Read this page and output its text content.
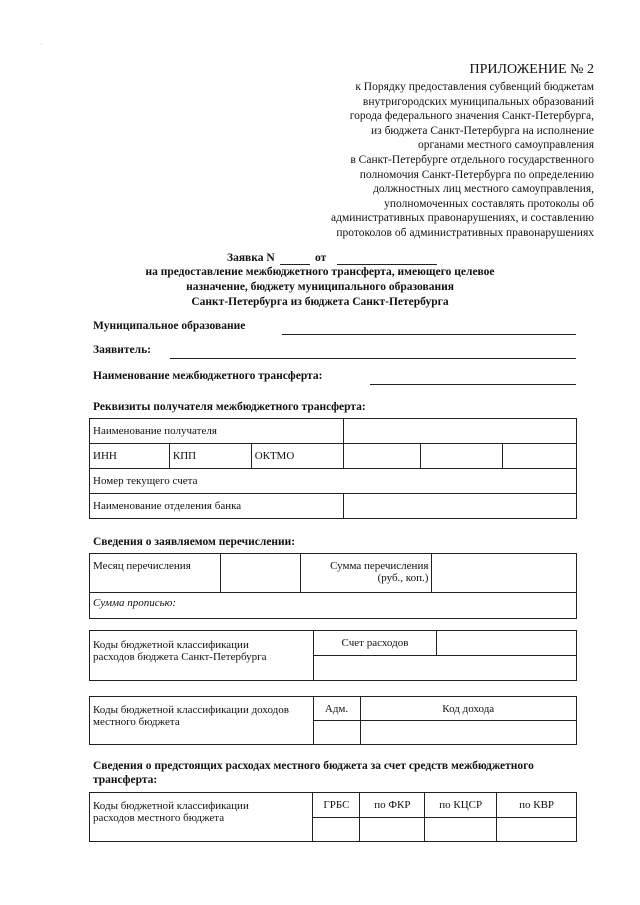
·
ПРИЛОЖЕНИЕ № 2
к Порядку предоставления субвенций бюджетам
внутригородских муниципальных образований
города федерального значения Санкт-Петербурга,
из бюджета Санкт-Петербурга на исполнение
органами местного самоуправления
в Санкт-Петербурге отдельного государственного
полномочия Санкт-Петербурга по определению
должностных лиц местного самоуправления,
уполномоченных составлять протоколы об
административных правонарушениях, и составлению
протоколов об административных правонарушениях
Заявка N	от
на предоставление межбюджетного трансферта, имеющего целевое
назначение, бюджету муниципального образования
Санкт-Петербурга из бюджета Санкт-Петербурга
Муниципальное образование
Заявитель:
Наименование межбюджетного трансферта:
Реквизиты получателя межбюджетного трансферта:
Наименование получателя					
ИНН	КПП	ОКТМО			
Номер текущего счета					
Наименование отделения банка					
Сведения о заявляемом перечислении:
Месяц перечисления		Сумма перечисления
(руб., коп.)

Сумма прописью:
Коды бюджетной классификации
расходов бюджета Санкт-Петербурга
	Счет расходов	

Коды бюджетной классификации доходов
местного бюджета	Адм.	Код дохода

Сведения о предстоящих расходах местного бюджета за счет средств межбюджетного
трансферта:
Коды бюджетной классификации
расходов местного бюджета	ГРБС	по ФКР	по КЦСР	по КВР
